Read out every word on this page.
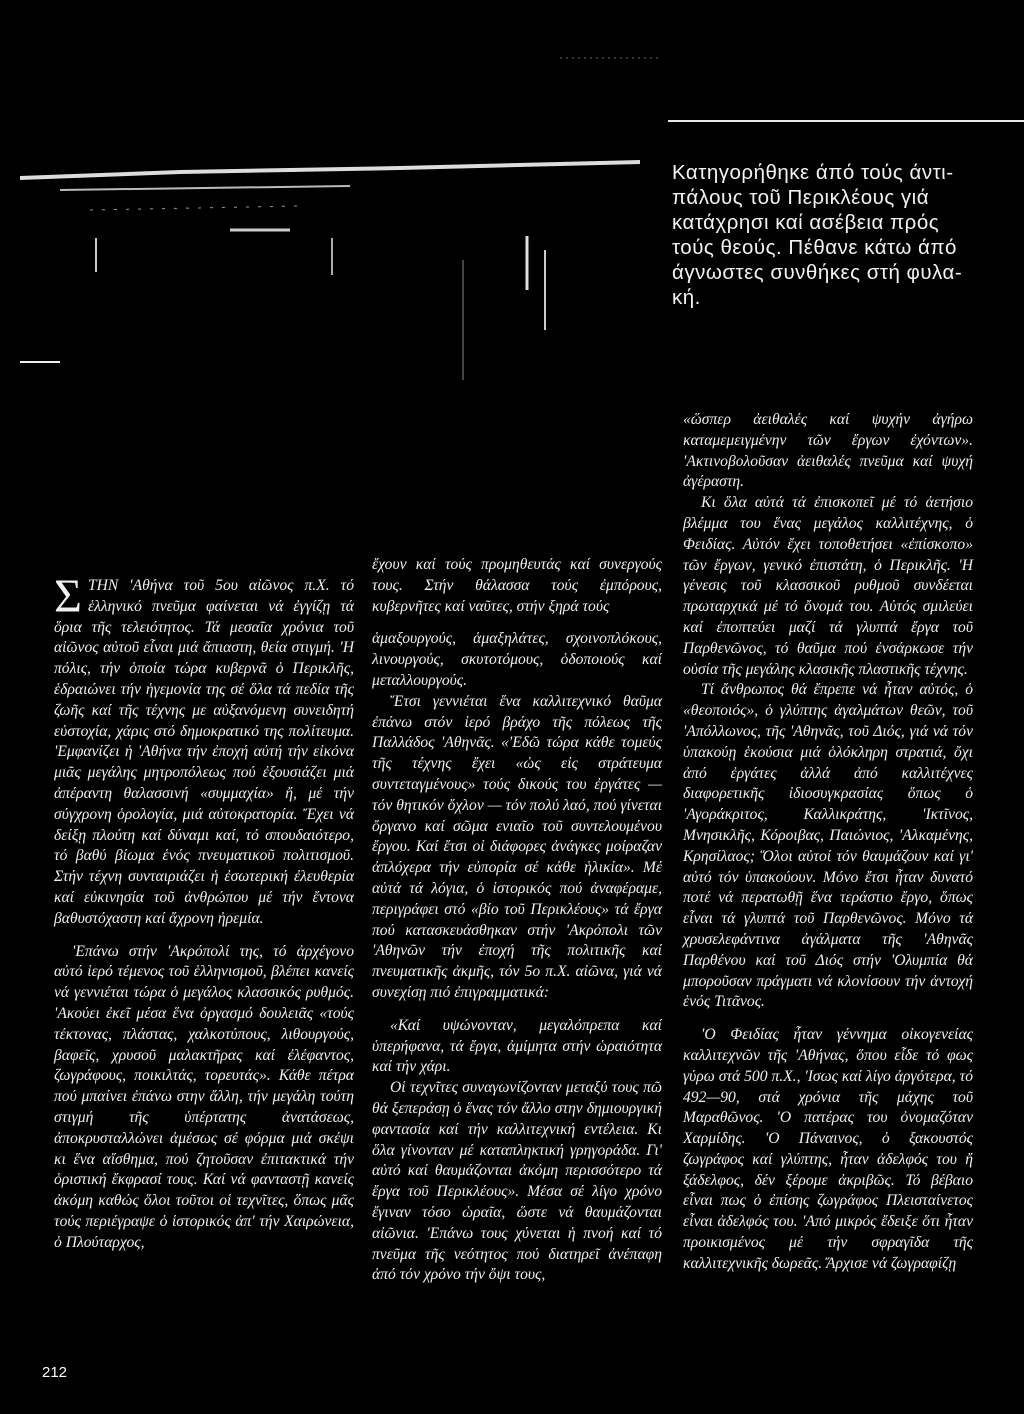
Κατηγορήθηκε άπό τούς άντι-πάλους τοῦ Περικλέους γιά κατάχρησι καί ασέβεια πρός τούς θεούς. Πέθανε κάτω άπό άγνωστες συνθήκες στή φυλα-κή.

ΣΤΗΝ 'Αθήνα τοῦ 5ου αἰῶνος π.Χ. τό ἑλληνικό πνεῦμα φαίνεται νά ἐγγίζῃ τά ὅρια τῆς τελειότητος. Τά μεσαῖα χρόνια τοῦ αἰῶνος αὐτοῦ εἶναι μιά ἄπιαστη, θεία στιγμή. 'Η πόλις, τήν ὁποία τώρα κυβερνᾶ ὁ Περικλῆς, ἑδραιώνει τήν ἡγεμονία της σέ ὅλα τά πεδία τῆς ζωῆς καί τῆς τέχνης με αὐξανόμενη συνειδητή εὐστοχία, χάρις στό δημοκρατικό της πολίτευμα. 'Εμφανίζει ἡ 'Αθήνα τήν ἐποχή αὐτή τήν εἰκόνα μιᾶς μεγάλης μητροπόλεως πού ἐξουσιάζει μιά ἀπέραντη θαλασσινή «συμμαχία» ἤ, μέ τήν σύγχρονη ὁρολογία, μιά αὐτοκρατορία. Ἔχει νά δείξῃ πλούτη καί δύναμι καί, τό σπουδαιότερο, τό βαθύ βίωμα ἑνός πνευματικοῦ πολιτισμοῦ. Στήν τέχνη συνταιριάζει ἡ ἐσωτερική ἐλευθερία καί εὐκινησία τοῦ ἀνθρώπου μέ τήν ἔντονα βαθυστόχαστη καί ἄχρονη ἠρεμία.

'Επάνω στήν 'Ακρόπολί της, τό ἀρχέγονο αὐτό ἱερό τέμενος τοῦ ἑλληνισμοῦ, βλέπει κανείς νά γεννιέται τώρα ὁ μεγάλος κλασσικός ρυθμός. 'Ακούει ἐκεῖ μέσα ἕνα ὀργασμό δουλειᾶς «τούς τέκτονας, πλάστας, χαλκοτύπους, λιθουργούς, βαφεῖς, χρυσοῦ μαλακτῆρας καί ἐλέφαντος, ζωγράφους, ποικιλτάς, τορευτάς». Κάθε πέτρα πού μπαίνει ἐπάνω στην ἄλλη, τήν μεγάλη τούτη στιγμή τῆς ὑπέρτατης ἀνατάσεως, ἀποκρυσταλλώνει ἀμέσως σέ φόρμα μιά σκέψι κι ἕνα αἴσθημα, πού ζητοῦσαν ἐπιτακτικά τήν ὁριστική ἔκφρασί τους. Καί νά φανταστῇ κανείς ἀκόμη καθώς ὅλοι τοῦτοι οἱ τεχνῖτες, ὅπως μᾶς τούς περιέγραψε ὁ ἱστορικός ἀπ' τήν Χαιρώνεια, ὁ Πλούταρχος,

ἔχουν καί τούς προμηθευτάς καί συνεργούς τους. Στήν θάλασσα τούς ἐμπόρους, κυβερνῆτες καί ναῦτες, στήν ξηρά τούς

ἁμαξουργούς, ἁμαξηλάτες, σχοινοπλόκους, λινουργούς, σκυτοτόμους, ὁδοποιούς καί μεταλλουργούς.

Ἔτσι γεννιέται ἕνα καλλιτεχνικό θαῦμα ἐπάνω στόν ἱερό βράχο τῆς πόλεως τῆς Παλλάδος 'Αθηνᾶς. «'Εδῶ τώρα κάθε τομεύς τῆς τέχνης ἔχει «ὡς εἰς στράτευμα συντεταγμένους» τούς δικούς του ἐργάτες — τόν θητικόν ὄχλον — τόν πολύ λαό, πού γίνεται ὄργανο καί σῶμα ενιαῖο τοῦ συντελουμένου ἔργου. Καί ἔτσι οἱ διάφορες ἀνάγκες μοίραζαν ἀπλόχερα τήν εὐπορία σέ κάθε ἡλικία». Μέ αὐτά τά λόγια, ὁ ἱστορικός πού ἀναφέραμε, περιγράφει στό «βίο τοῦ Περικλέους» τά ἔργα πού κατασκευάσθηκαν στήν 'Ακρόπολι τῶν 'Αθηνῶν τήν ἐποχή τῆς πολιτικῆς καί πνευματικῆς ἀκμῆς, τόν 5ο π.Χ. αἰῶνα, γιά νά συνεχίσῃ πιό ἐπιγραμματικά:

«Καί υψώνονταν, μεγαλόπρεπα καί ὑπερήφανα, τά ἔργα, ἀμίμητα στήν ὡραιότητα καί τήν χάρι.

Οἱ τεχνῖτες συναγωνίζονταν μεταξύ τους πῶ θά ξεπεράσῃ ὁ ἕνας τόν ἄλλο στην δημιουργική φαντασία καί τήν καλλιτεχνική εντέλεια. Κι ὅλα γίνονταν μέ καταπληκτική γρηγοράδα. Γι' αὐτό καί θαυμάζονται ἀκόμη περισσότερο τά ἔργα τοῦ Περικλέους». Μέσα σέ λίγο χρόνο ἔγιναν τόσο ὡραῖα, ὥστε νά θαυμάζονται αἰῶνια. 'Επάνω τους χύνεται ἡ πνοή καί τό πνεῦμα τῆς νεότητος πού διατηρεῖ ἀνέπαφη ἀπό τόν χρόνο τήν ὄψι τους,

«ὥσπερ ἀειθαλές καί ψυχήν ἀγήρω καταμεμειγμένην τῶν ἔργων ἐχόντων». 'Ακτινοβολοῦσαν ἀειθαλές πνεῦμα καί ψυχή ἀγέραστη.

Κι ὅλα αὐτά τά ἐπισκοπεῖ μέ τό ἀετήσιο βλέμμα του ἕνας μεγάλος καλλιτέχνης, ὁ Φειδίας. Αὐτόν ἔχει τοποθετήσει «ἐπίσκοπο» τῶν ἔργων, γενικό ἐπιστάτη, ὁ Περικλῆς. 'Η γένεσις τοῦ κλασσικοῦ ρυθμοῦ συνδέεται πρωταρχικά μέ τό ὄνομά του. Αὐτός σμιλεύει καί ἐποπτεύει μαζί τά γλυπτά ἔργα τοῦ Παρθενῶνος, τό θαῦμα πού ἐνσάρκωσε τήν οὐσία τῆς μεγάλης κλασικῆς πλαστικῆς τέχνης.

Τί ἄνθρωπος θά ἔπρεπε νά ἦταν αὐτός, ὁ «θεοποιός», ὁ γλύπτης ἀγαλμάτων θεῶν, τοῦ 'Απόλλωνος, τῆς 'Αθηνᾶς, τοῦ Διός, γιά νά τόν ὑπακούῃ ἑκούσια μιά ὁλόκληρη στρατιά, ὄχι ἀπό ἐργάτες ἀλλά ἀπό καλλιτέχνες διαφορετικῆς ἰδιοσυγκρασίας ὅπως ὁ 'Αγοράκριτος, Καλλικράτης, 'Ικτῖνος, Μνησικλῆς, Κόροιβας, Παιώνιος, 'Αλκαμένης, Κρησίλαος; Ὅλοι αὐτοί τόν θαυμάζουν καί γι' αὐτό τόν ὑπακούουν. Μόνο ἔτσι ἦταν δυνατό ποτέ νά περατωθῇ ἕνα τεράστιο ἔργο, ὅπως εἶναι τά γλυπτά τοῦ Παρθενῶνος. Μόνο τά χρυσελεφάντινα ἀγάλματα τῆς 'Αθηνᾶς Παρθένου καί τοῦ Διός στήν 'Ολυμπία θά μποροῦσαν πράγματι νά κλονίσουν τήν ἀντοχή ἑνός Τιτᾶνος.

'Ο Φειδίας ἦταν γέννημα οἰκογενείας καλλιτεχνῶν τῆς 'Αθήνας, ὅπου εἶδε τό φως γύρω στά 500 π.Χ., 'Ισως καί λίγο ἀργότερα, τό 492—90, στά χρόνια τῆς μάχης τοῦ Μαραθῶνος. 'Ο πατέρας του ὀνομαζόταν Χαρμίδης. 'Ο Πάναινος, ὁ ξακουστός ζωγράφος καί γλύπτης, ἦταν ἀδελφός του ἤ ξάδελφος, δέν ξέρομε ἀκριβῶς. Τό βέβαιο εἶναι πως ὁ ἐπίσης ζωγράφος Πλεισταίνετος εἶναι ἀδελφός του. 'Από μικρός ἔδειξε ὅτι ἦταν προικισμένος μέ τήν σφραγῖδα τῆς καλλιτεχνικῆς δωρεᾶς. Ἄρχισε νά ζωγραφίζῃ

212
